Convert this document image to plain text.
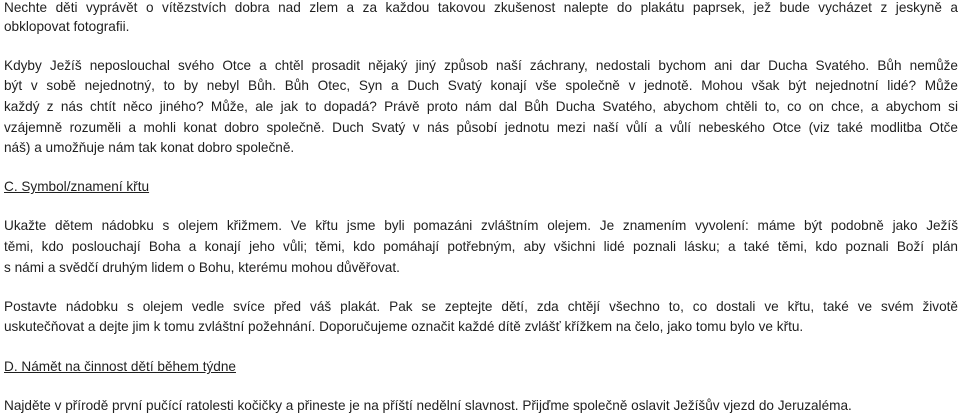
Nechte děti vyprávět o vítězstvích dobra nad zlem a za každou takovou zkušenost nalepte do plakátu paprsek, jež bude vycházet z jeskyně a
obklopovat fotografii.
Kdyby Ježíš neposlouchal svého Otce a chtěl prosadit nějaký jiný způsob naší záchrany, nedostali bychom ani dar Ducha Svatého. Bůh nemůže
být v sobě nejednotný, to by nebyl Bůh. Bůh Otec, Syn a Duch Svatý konají vše společně v jednotě. Mohou však být nejednotní lidé? Může
každý z nás chtít něco jiného? Může, ale jak to dopadá? Právě proto nám dal Bůh Ducha Svatého, abychom chtěli to, co on chce, a abychom si
vzájemně rozuměli a mohli konat dobro společně. Duch Svatý v nás působí jednotu mezi naší vůlí a vůlí nebeského Otce (viz také modlitba Otče
náš) a umožňuje nám tak konat dobro společně.
C. Symbol/znamení křtu
Ukažte dětem nádobku s olejem křižmem. Ve křtu jsme byli pomazáni zvláštním olejem. Je znamením vyvolení: máme být podobně jako Ježíš
těmi, kdo poslouchají Boha a konají jeho vůli; těmi, kdo pomáhají potřebným, aby všichni lidé poznali lásku; a také těmi, kdo poznali Boží plán
s námi a svědčí druhým lidem o Bohu, kterému mohou důvěřovat.
Postavte nádobku s olejem vedle svíce před váš plakát. Pak se zeptejte dětí, zda chtějí všechno to, co dostali ve křtu, také ve svém životě
uskutečňovat a dejte jim k tomu zvláštní požehnání. Doporučujeme označit každé dítě zvlášť křížkem na čelo, jako tomu bylo ve křtu.
D. Námět na činnost dětí během týdne
Najděte v přírodě první pučící ratolesti kočičky a přineste je na příští nedělní slavnost. Přijďme společně oslavit Ježíšův vjezd do Jeruzaléma.
